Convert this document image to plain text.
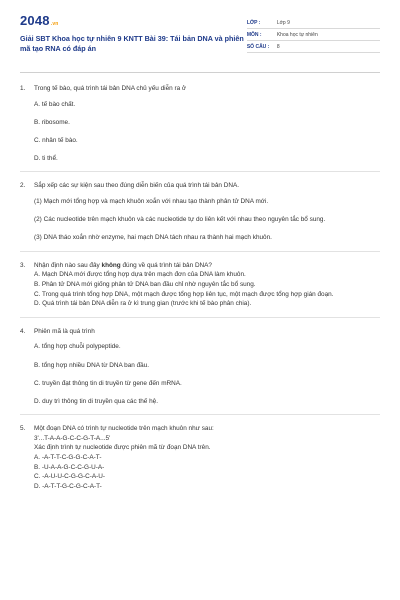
2048.vn
Giải SBT Khoa học tự nhiên 9 KNTT Bài 39: Tái bản DNA và phiên mã tạo RNA có đáp án
LỚP :	Lớp 9
MÔN :	Khoa học tự nhiên
SỐ CÂU :	8
1.	Trong tế bào, quá trình tái bản DNA chủ yếu diễn ra ở
A. tế bào chất.
B. ribosome.
C. nhân tế bào.
D. ti thể.
2.	Sắp xếp các sự kiện sau theo đúng diễn biến của quá trình tái bản DNA.
(1) Mạch mới tổng hợp và mạch khuôn xoắn với nhau tạo thành phân tử DNA mới.
(2) Các nucleotide trên mạch khuôn và các nucleotide tự do liên kết với nhau theo nguyên tắc bổ sung.
(3) DNA tháo xoắn nhờ enzyme, hai mạch DNA tách nhau ra thành hai mạch khuôn.
3.	Nhận định nào sau đây không đúng về quá trình tái bản DNA?
A. Mạch DNA mới được tổng hợp dựa trên mạch đơn của DNA làm khuôn.
B. Phân tử DNA mới giống phân tử DNA ban đầu chỉ nhờ nguyên tắc bổ sung.
C. Trong quá trình tổng hợp DNA, một mạch được tổng hợp liên tục, một mạch được tổng hợp gián đoạn.
D. Quá trình tái bản DNA diễn ra ở kì trung gian (trước khi tế bào phân chia).
4.	Phiên mã là quá trình
A. tổng hợp chuỗi polypeptide.
B. tổng hợp nhiều DNA từ DNA ban đầu.
C. truyền đạt thông tin di truyền từ gene đến mRNA.
D. duy trì thông tin di truyền qua các thế hệ.
5.	Một đoạn DNA có trình tự nucleotide trên mạch khuôn như sau:
3'...T-A-A-G-C-C-G-T-A...5'
Xác định trình tự nucleotide được phiên mã từ đoạn DNA trên.
A. -A-T-T-C-G-G-C-A-T-
B. -U-A-A-G-C-C-G-U-A-
C. -A-U-U-C-G-G-C-A-U-
D. -A-T-T-G-C-G-C-A-T-
